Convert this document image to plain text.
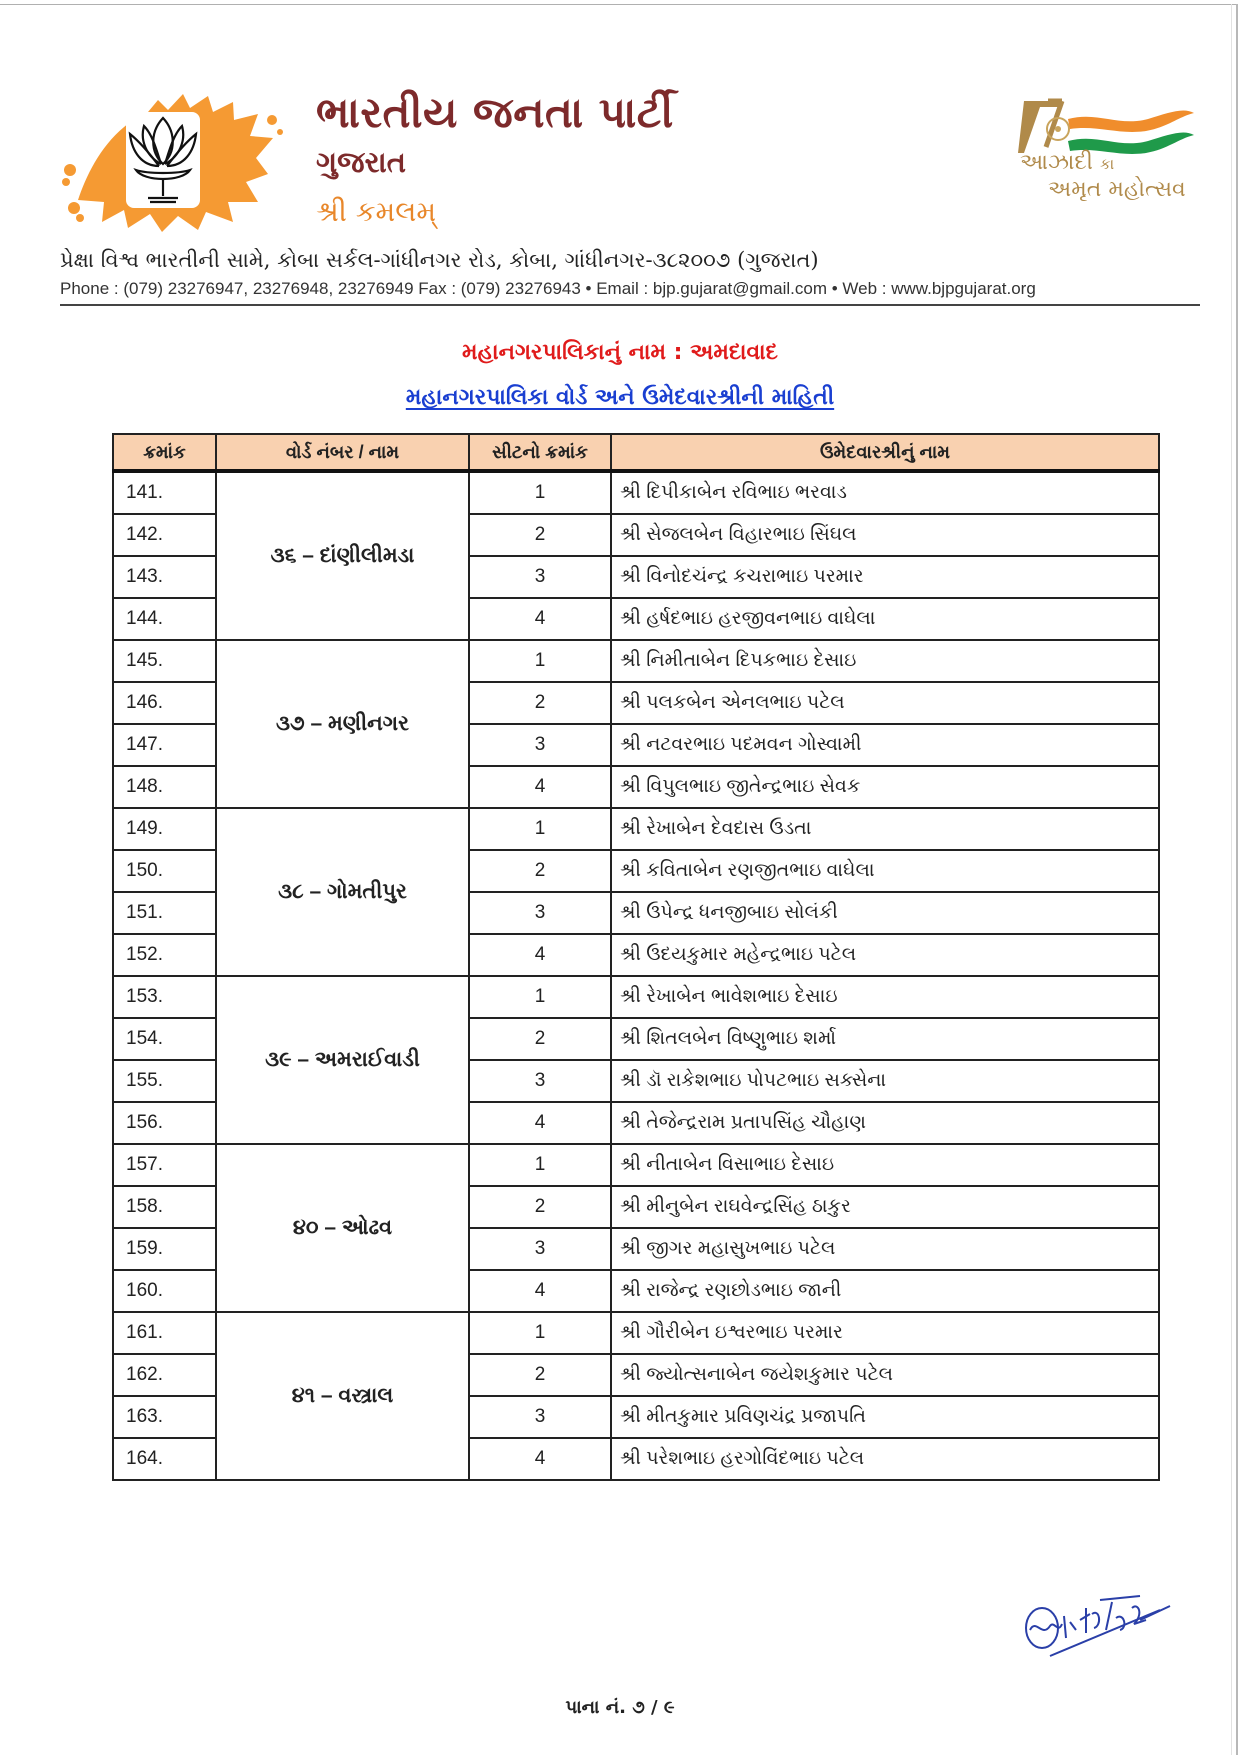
ભારતીય જનતા પાર્ટી
ગુજરાત
શ્રી કમલમ્
આઝાદી કા
અમૃત મહોત્સવ
પ્રેક્ષા વિશ્વ ભારતીની સામે, કોબા સર્કલ-ગાંધીનગર રોડ, કોબા, ગાંધીનગર-૩૮૨૦૦૭ (ગુજરાત)
Phone : (079) 23276947, 23276948, 23276949 Fax : (079) 23276943 • Email : bjp.gujarat@gmail.com • Web : www.bjpgujarat.org
મહાનગરપાલિકાનું નામ : અમદાવાદ
મહાનગરપાલિકા વોર્ડ અને ઉમેદવારશ્રીની માહિતી
ક્રમાંક	વોર્ડ નંબર / નામ	સીટનો ક્રમાંક	ઉમેદવારશ્રીનું નામ
141.	૩૬ – દાંણીલીમડા	1	શ્રી દિપીકાબેન રવિભાઇ ભરવાડ
142.		2	શ્રી સેજલબેન વિહારભાઇ સિંઘલ
143.		3	શ્રી વિનોદચંન્દ્ર કચરાભાઇ પરમાર
144.		4	શ્રી હર્ષદભાઇ હરજીવનભાઇ વાઘેલા
145.	૩૭ – મણીનગર	1	શ્રી નિમીતાબેન દિપકભાઇ દેસાઇ
146.		2	શ્રી પલકબેન એનલભાઇ પટેલ
147.		3	શ્રી નટવરભાઇ પદમવન ગોસ્વામી
148.		4	શ્રી વિપુલભાઇ જીતેન્દ્રભાઇ સેવક
149.	૩૮ – ગોમતીપુર	1	શ્રી રેખાબેન દેવદાસ ઉડતા
150.		2	શ્રી કવિતાબેન રણજીતભાઇ વાઘેલા
151.		3	શ્રી ઉપેન્દ્ર ધનજીબાઇ સોલંકી
152.		4	શ્રી ઉદયકુમાર મહેન્દ્રભાઇ પટેલ
153.	૩૯ – અમરાઈવાડી	1	શ્રી રેખાબેન ભાવેશભાઇ દેસાઇ
154.		2	શ્રી શિતલબેન વિષ્ણુભાઇ શર્મા
155.		3	શ્રી ડૉ રાકેશભાઇ પોપટભાઇ સક્સેના
156.		4	શ્રી તેજેન્દ્રરામ પ્રતાપસિંહ ચૌહાણ
157.	૪૦ – ઓઢવ	1	શ્રી નીતાબેન વિસાભાઇ દેસાઇ
158.		2	શ્રી મીનુબેન રાઘવેન્દ્રસિંહ ઠાકુર
159.		3	શ્રી જીગર મહાસુખભાઇ પટેલ
160.		4	શ્રી રાજેન્દ્ર રણછોડભાઇ જાની
161.	૪૧ – વસ્ત્રાલ	1	શ્રી ગૌરીબેન ઇશ્વરભાઇ પરમાર
162.		2	શ્રી જ્યોત્સનાબેન જયેશકુમાર પટેલ
163.		3	શ્રી મીતકુમાર પ્રવિણચંદ્ર પ્રજાપતિ
164.		4	શ્રી પરેશભાઇ હરગોવિંદભાઇ પટેલ
પાના નં. ૭ / ૯
